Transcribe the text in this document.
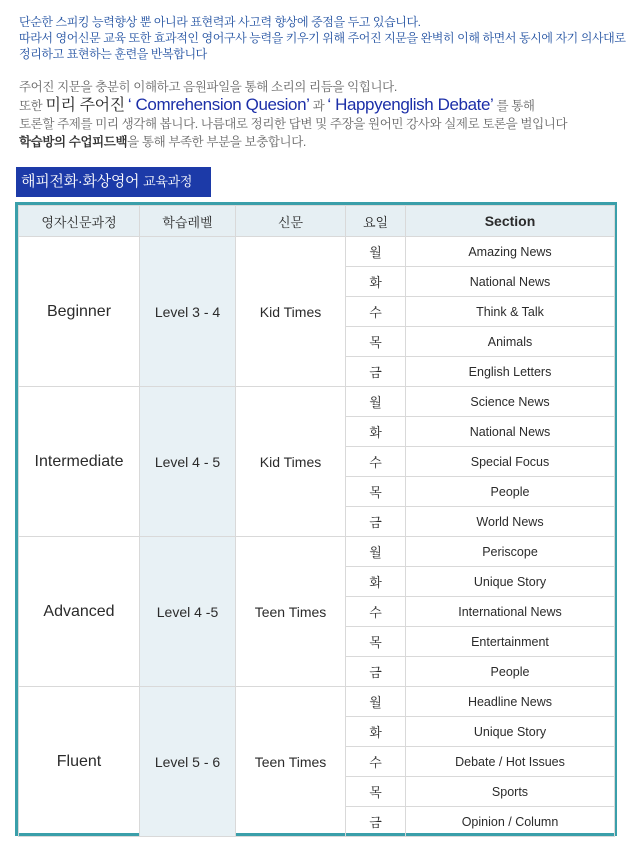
단순한 스피킹 능력향상 뿐 아니라 표현력과 사고력 향상에 중점을 두고 있습니다.
따라서 영어신문 교육 또한 효과적인 영어구사 능력을 키우기 위해 주어진 지문을 완벽히 이해 하면서 동시에 자기 의사대로
정리하고 표현하는 훈련을 반복합니다
주어진 지문을 충분히 이해하고 음원파일을 통해 소리의 리듬을 익힙니다.
또한 미리 주어진 ‘ Comrehension Quesion’ 과 ‘ Happyenglish Debate’ 를 통해
토론할 주제를 미리 생각해 봅니다. 나름대로 정리한 답변 및 주장을 원어민 강사와 실제로 토론을 벌입니다
학습방의 수업피드백을 통해 부족한 부분을 보충합니다.
해피전화·화상영어 교육과정
영자신문과정	학습레벨	신문	요일	Section
Beginner	Level 3 - 4	Kid Times	월	Amazing News
			화	National News
			수	Think & Talk
			목	Animals
			금	English Letters
Intermediate	Level 4 - 5	Kid Times	월	Science News
			화	National News
			수	Special Focus
			목	People
			금	World News
Advanced	Level 4 -5	Teen Times	월	Periscope
			화	Unique Story
			수	International News
			목	Entertainment
			금	People
Fluent	Level 5 - 6	Teen Times	월	Headline News
			화	Unique Story
			수	Debate / Hot Issues
			목	Sports
			금	Opinion / Column
